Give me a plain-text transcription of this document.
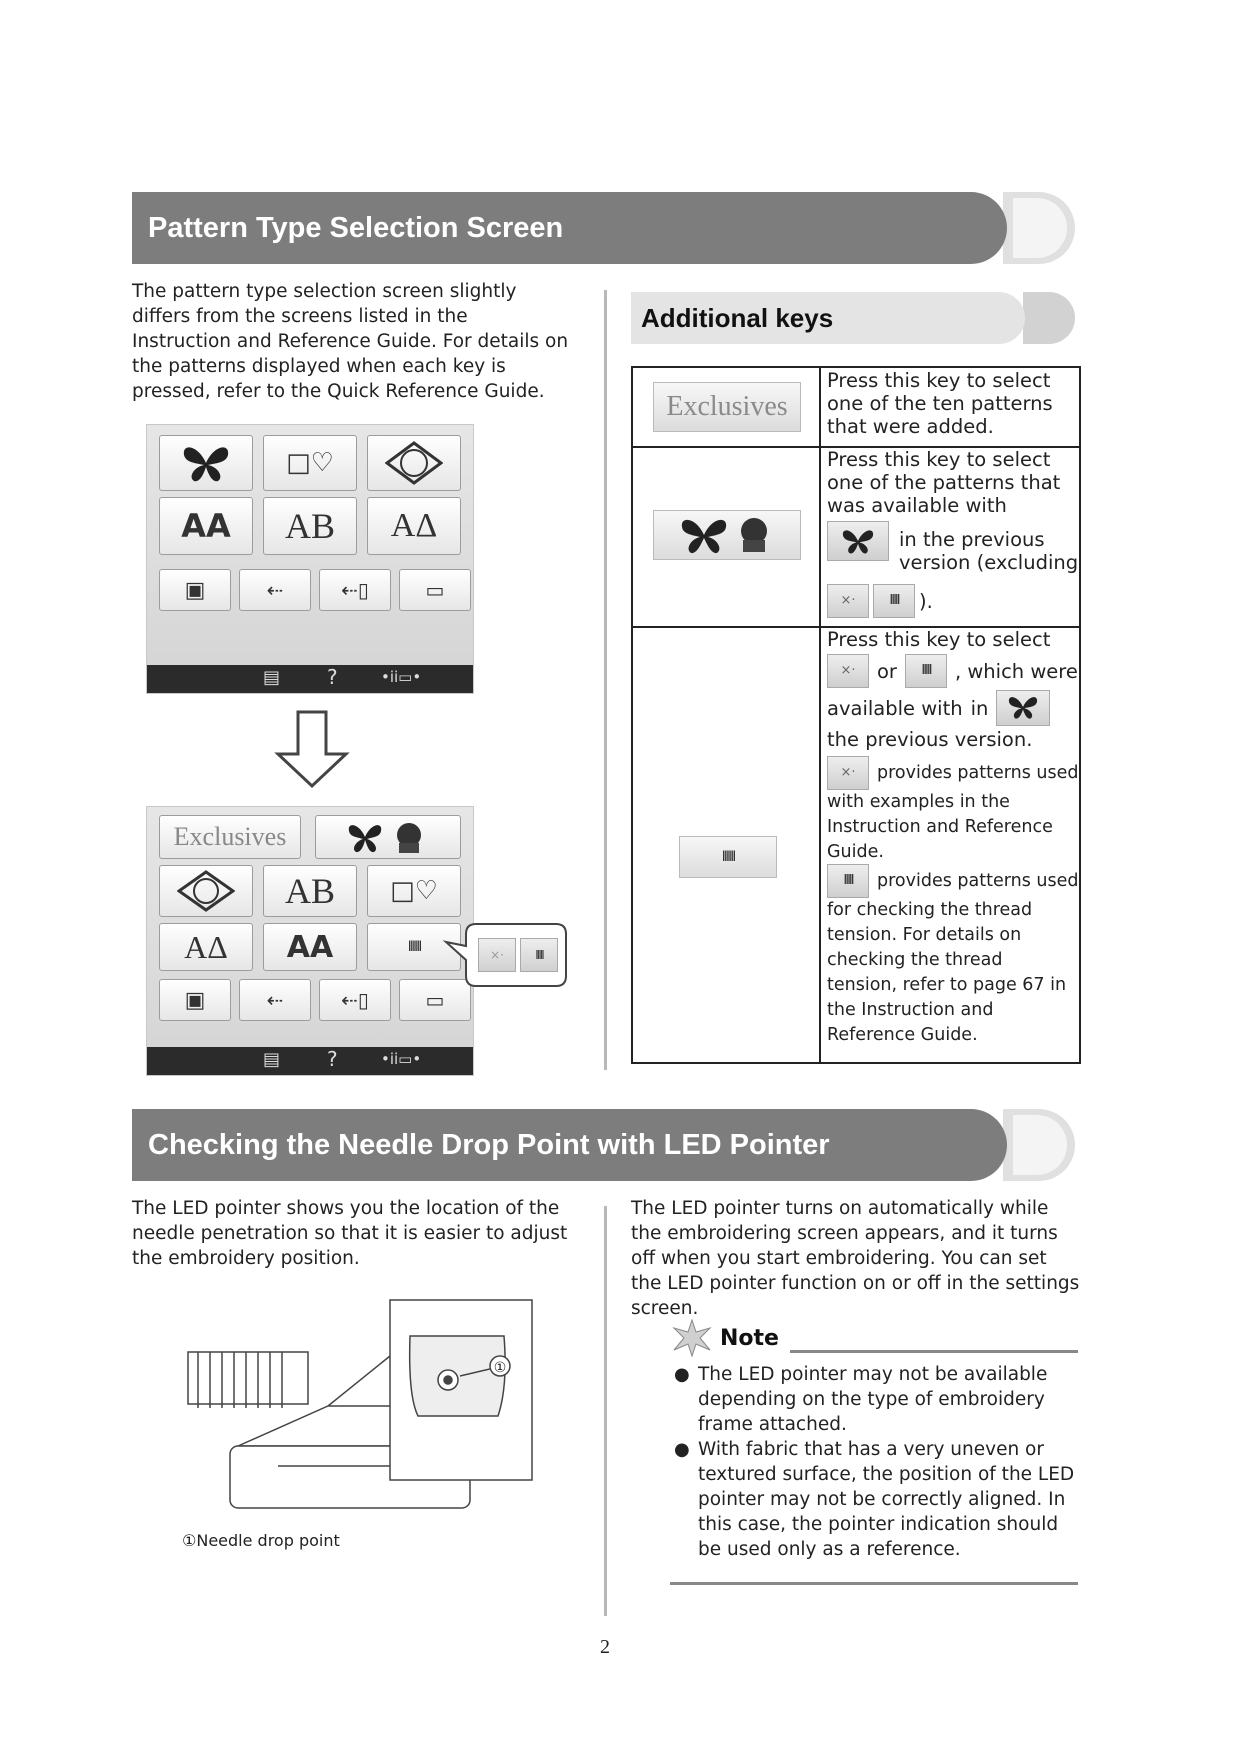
Pattern Type Selection Screen

The pattern type selection screen slightly differs from the screens listed in the Instruction and Reference Guide. For details on the patterns displayed when each key is pressed, refer to the Quick Reference Guide.

□♡
AA	AB	AΔ
▣	⇠	⇠▯	▭
▤ ?	•ii▭•
Exclusives
AB	□♡
AΔ	AA	IIIIII
▣	⇠	⇠▯	▭
▤ ?	•ii▭•
×·	IIIII
Additional keys
Exclusives
Press this key to select one of the ten patterns that were added.
Press this key to select one of the patterns that was available with
in the previous version (excluding
×·	IIIII	).
IIIIII
Press this key to select
×·	or	IIIII	, which were
available with in
the previous version.
×·	provides patterns used
with examples in the Instruction and Reference Guide.
IIIII	provides patterns used
for checking the thread tension. For details on checking the thread tension, refer to page 67 in the Instruction and Reference Guide.
Checking the Needle Drop Point with LED Pointer

The LED pointer shows you the location of the needle penetration so that it is easier to adjust the embroidery position.

The LED pointer turns on automatically while the embroidering screen appears, and it turns off when you start embroidering. You can set the LED pointer function on or off in the settings screen.

①
①Needle drop point
Note

● The LED pointer may not be available depending on the type of embroidery frame attached.

● With fabric that has a very uneven or textured surface, the position of the LED pointer may not be correctly aligned. In this case, the pointer indication should be used only as a reference.

2
